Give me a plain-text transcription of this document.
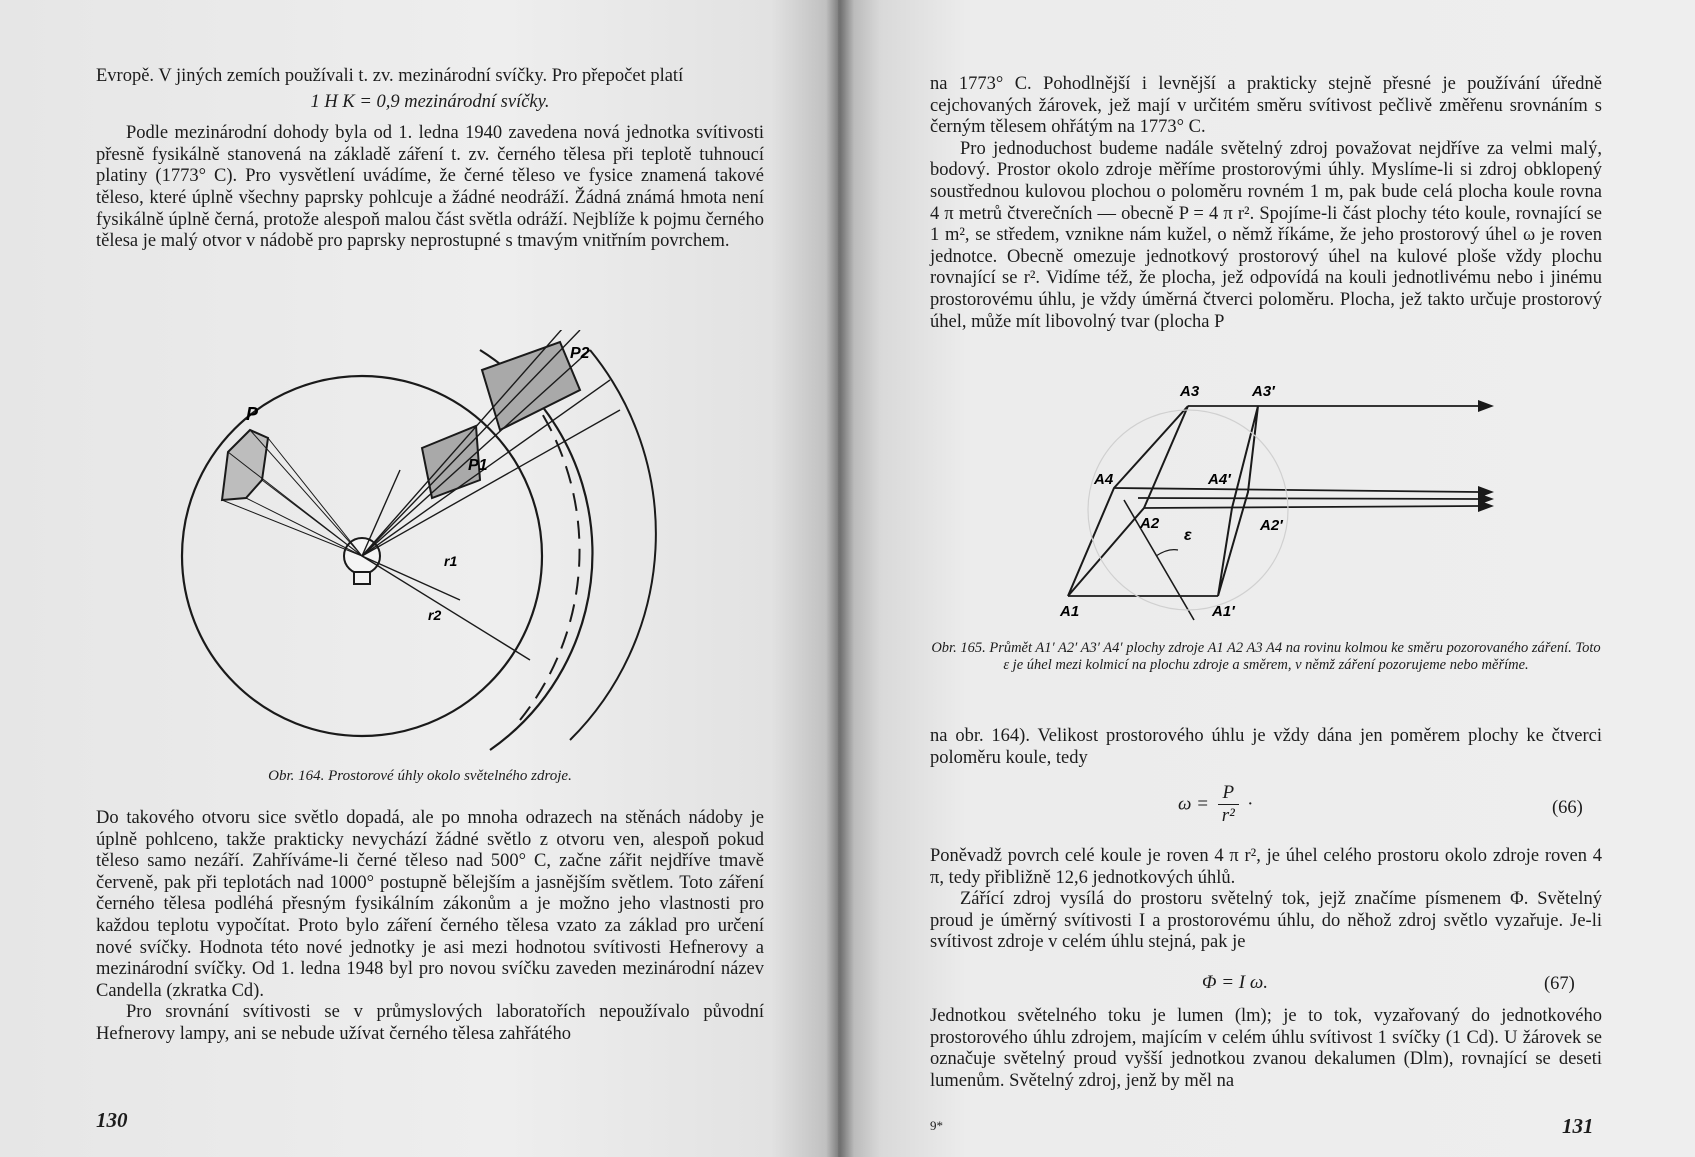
Evropě. V jiných zemích používali t. zv. mezinárodní svíčky. Pro přepočet platí

1 H K = 0,9 mezinárodní svíčky.

Podle mezinárodní dohody byla od 1. ledna 1940 zavedena nová jednotka svítivosti přesně fysikálně stanovená na základě záření t. zv. černého tělesa při teplotě tuhnoucí platiny (1773° C). Pro vysvětlení uvádíme, že černé těleso ve fysice znamená takové těleso, které úplně všechny paprsky pohlcuje a žádné neodráží. Žádná známá hmota není fysikálně úplně černá, protože alespoň malou část světla odráží. Nejblíže k pojmu černého tělesa je malý otvor v nádobě pro paprsky neprostupné s tmavým vnitřním povrchem.

P
P1
P2
r1
r2
Obr. 164. Prostorové úhly okolo světelného zdroje.

Do takového otvoru sice světlo dopadá, ale po mnoha odrazech na stěnách nádoby je úplně pohlceno, takže prakticky nevychází žádné světlo z otvoru ven, alespoň pokud těleso samo nezáří. Zahříváme-li černé těleso nad 500° C, začne zářit nejdříve tmavě červeně, pak při teplotách nad 1000° postupně bělejším a jasnějším světlem. Toto záření černého tělesa podléhá přesným fysikálním zákonům a je možno jeho vlastnosti pro každou teplotu vypočítat. Proto bylo záření černého tělesa vzato za základ pro určení nové svíčky. Hodnota této nové jednotky je asi mezi hodnotou svítivosti Hefnerovy a mezinárodní svíčky. Od 1. ledna 1948 byl pro novou svíčku zaveden mezinárodní název Candella (zkratka Cd).

Pro srovnání svítivosti se v průmyslových laboratořích nepoužívalo původní Hefnerovy lampy, ani se nebude užívat černého tělesa zahřátého

130

na 1773° C. Pohodlnější i levnější a prakticky stejně přesné je používání úředně cejchovaných žárovek, jež mají v určitém směru svítivost pečlivě změřenu srovnáním s černým tělesem ohřátým na 1773° C.

Pro jednoduchost budeme nadále světelný zdroj považovat nejdříve za velmi malý, bodový. Prostor okolo zdroje měříme prostorovými úhly. Myslíme-li si zdroj obklopený soustřednou kulovou plochou o poloměru rovném 1 m, pak bude celá plocha koule rovna 4 π metrů čtverečních — obecně P = 4 π r². Spojíme-li část plochy této koule, rovnající se 1 m², se středem, vznikne nám kužel, o němž říkáme, že jeho prostorový úhel ω je roven jednotce. Obecně omezuje jednotkový prostorový úhel na kulové ploše vždy plochu rovnající se r². Vidíme též, že plocha, jež odpovídá na kouli jednotlivému nebo i jinému prostorovému úhlu, je vždy úměrná čtverci poloměru. Plocha, jež takto určuje prostorový úhel, může mít libovolný tvar (plocha P

A3	A3′
A4	A4′
A2	A2′
ε
A1	A1′
Obr. 165. Průmět A1′ A2′ A3′ A4′ plochy zdroje A1 A2 A3 A4 na rovinu kolmou ke směru pozorovaného záření. Toto ε je úhel mezi kolmicí na plochu zdroje a směrem, v němž záření pozorujeme nebo měříme.

na obr. 164). Velikost prostorového úhlu je vždy dána jen poměrem plochy ke čtverci poloměru koule, tedy

$\omega = \frac{P}{\text{r²}}$ ·	(66)

Poněvadž povrch celé koule je roven 4 π r², je úhel celého prostoru okolo zdroje roven 4 π, tedy přibližně 12,6 jednotkových úhlů.

Zářící zdroj vysílá do prostoru světelný tok, jejž značíme písmenem Φ. Světelný proud je úměrný svítivosti I a prostorovému úhlu, do něhož zdroj světlo vyzařuje. Je-li svítivost zdroje v celém úhlu stejná, pak je

Φ = I ω.	(67)

Jednotkou světelného toku je lumen (lm); je to tok, vyzařovaný do jednotkového prostorového úhlu zdrojem, majícím v celém úhlu svítivost 1 svíčky (1 Cd). U žárovek se označuje světelný proud vyšší jednotkou zvanou dekalumen (Dlm), rovnající se deseti lumenům. Světelný zdroj, jenž by měl na

9*	131
